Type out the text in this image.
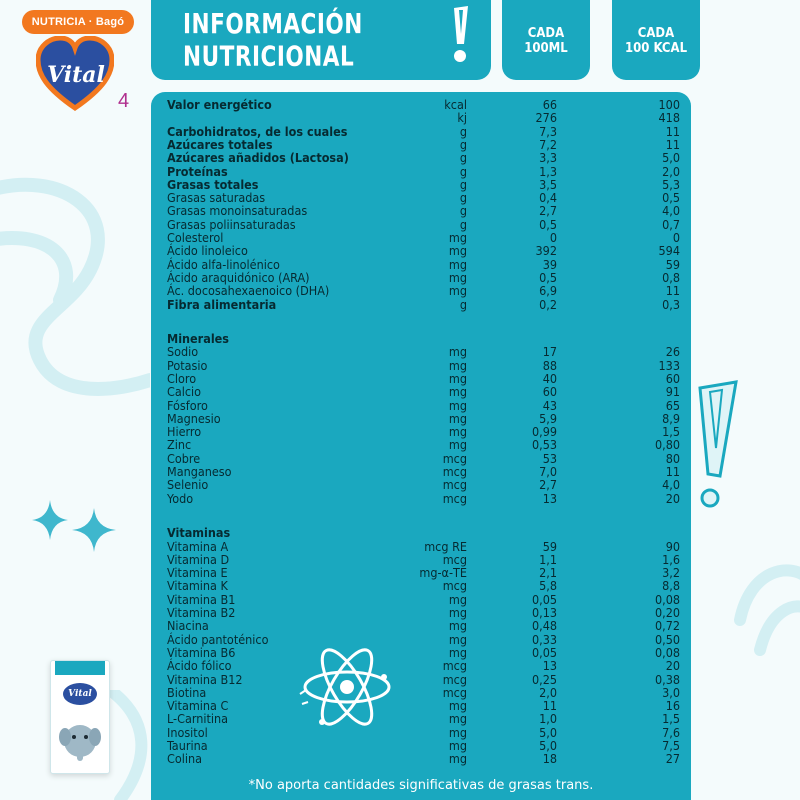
NUTRICIA · Bagó
Vital
4
INFORMACIÓN NUTRICIONAL
CADA
100ML
CADA
100 KCAL
Valor energético	kcal	66	100
kj	276	418
Carbohidratos, de los cuales	g	7,3	11
Azúcares totales	g	7,2	11
Azúcares añadidos (Lactosa)	g	3,3	5,0
Proteínas	g	1,3	2,0
Grasas totales	g	3,5	5,3
Grasas saturadas	g	0,4	0,5
Grasas monoinsaturadas	g	2,7	4,0
Grasas poliinsaturadas	g	0,5	0,7
Colesterol	mg	0	0
Ácido linoleico	mg	392	594
Ácido alfa-linolénico	mg	39	59
Ácido araquidónico (ARA)	mg	0,5	0,8
Ác. docosahexaenoico (DHA)	mg	6,9	11
Fibra alimentaria	g	0,2	0,3
Minerales
Sodio	mg	17	26
Potasio	mg	88	133
Cloro	mg	40	60
Calcio	mg	60	91
Fósforo	mg	43	65
Magnesio	mg	5,9	8,9
Hierro	mg	0,99	1,5
Zinc	mg	0,53	0,80
Cobre	mcg	53	80
Manganeso	mcg	7,0	11
Selenio	mcg	2,7	4,0
Yodo	mcg	13	20
Vitaminas
Vitamina A	mcg RE	59	90
Vitamina D	mcg	1,1	1,6
Vitamina E	mg-α-TE	2,1	3,2
Vitamina K	mcg	5,8	8,8
Vitamina B1	mg	0,05	0,08
Vitamina B2	mg	0,13	0,20
Niacina	mg	0,48	0,72
Ácido pantoténico	mg	0,33	0,50
Vitamina B6	mg	0,05	0,08
Ácido fólico	mcg	13	20
Vitamina B12	mcg	0,25	0,38
Biotina	mcg	2,0	3,0
Vitamina C	mg	11	16
L-Carnitina	mg	1,0	1,5
Inositol	mg	5,0	7,6
Taurina	mg	5,0	7,5
Colina	mg	18	27
Vital
*No aporta cantidades significativas de grasas trans.
